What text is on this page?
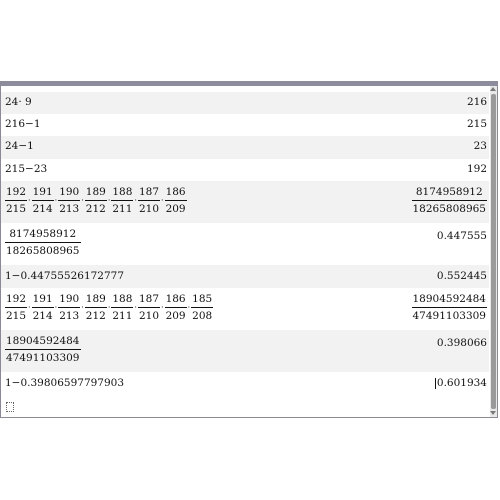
24· 9	216
216−1	215
24−1	23
215−23	192
$\frac{192}{215} \cdot \frac{191}{214} \cdot \frac{190}{213} \cdot \frac{189}{212} \cdot \frac{188}{211} \cdot \frac{187}{210} \cdot \frac{186}{209}$	$\frac{8174958912}{18265808965}$
$\frac{8174958912}{18265808965}$	0.447555
1−0.44755526172777	0.552445
$\frac{192}{215} \cdot \frac{191}{214} \cdot \frac{190}{213} \cdot \frac{189}{212} \cdot \frac{188}{211} \cdot \frac{187}{210} \cdot \frac{186}{209} \cdot \frac{185}{208}$	$\frac{18904592484}{47491103309}$
$\frac{18904592484}{47491103309}$	0.398066
1−0.39806597797903	0.601934
